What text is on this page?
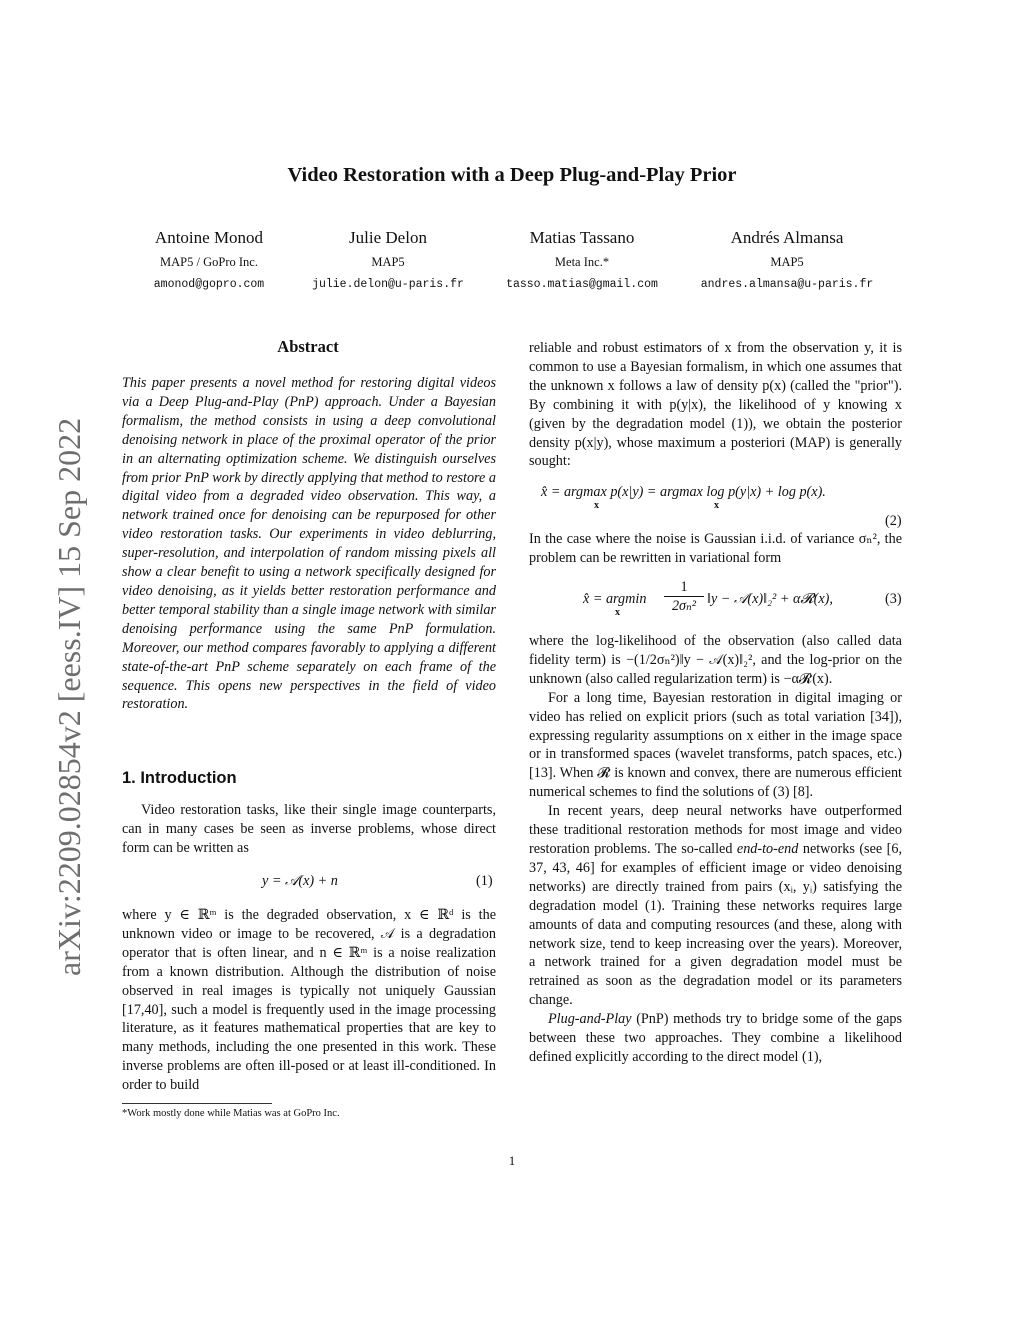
arXiv:2209.02854v2 [eess.IV] 15 Sep 2022
Video Restoration with a Deep Plug-and-Play Prior
Antoine Monod
MAP5 / GoPro Inc.
amonod@gopro.com
Julie Delon
MAP5
julie.delon@u-paris.fr
Matias Tassano
Meta Inc.*
tasso.matias@gmail.com
Andrés Almansa
MAP5
andres.almansa@u-paris.fr
Abstract
This paper presents a novel method for restoring digital videos via a Deep Plug-and-Play (PnP) approach. Under a Bayesian formalism, the method consists in using a deep convolutional denoising network in place of the proximal operator of the prior in an alternating optimization scheme. We distinguish ourselves from prior PnP work by directly applying that method to restore a digital video from a degraded video observation. This way, a network trained once for denoising can be repurposed for other video restoration tasks. Our experiments in video deblurring, super-resolution, and interpolation of random missing pixels all show a clear benefit to using a network specifically designed for video denoising, as it yields better restoration performance and better temporal stability than a single image network with similar denoising performance using the same PnP formulation. Moreover, our method compares favorably to applying a different state-of-the-art PnP scheme separately on each frame of the sequence. This opens new perspectives in the field of video restoration.
1. Introduction

Video restoration tasks, like their single image counterparts, can in many cases be seen as inverse problems, whose direct form can be written as

y = 𝒜(x) + n	(1)

where y ∈ ℝᵐ is the degraded observation, x ∈ ℝᵈ is the unknown video or image to be recovered, 𝒜 is a degradation operator that is often linear, and n ∈ ℝᵐ is a noise realization from a known distribution. Although the distribution of noise observed in real images is typically not uniquely Gaussian [17,40], such a model is frequently used in the image processing literature, as it features mathematical properties that are key to many methods, including the one presented in this work. These inverse problems are often ill-posed or at least ill-conditioned. In order to build

*Work mostly done while Matias was at GoPro Inc.

reliable and robust estimators of x from the observation y, it is common to use a Bayesian formalism, in which one assumes that the unknown x follows a law of density p(x) (called the "prior"). By combining it with p(y|x), the likelihood of y knowing x (given by the degradation model (1)), we obtain the posterior density p(x|y), whose maximum a posteriori (MAP) is generally sought:

x̂ = argmax p(x|y) = argmax log p(y|x) + log p(x).
x	x
(2)

In the case where the noise is Gaussian i.i.d. of variance σₙ², the problem can be rewritten in variational form

x̂ = argmin
x	$\frac{1}{\text{2σₙ²}}$ ‖y − 𝒜(x)‖₂² + α𝓡(x),	(3)

where the log-likelihood of the observation (also called data fidelity term) is −(1/2σₙ²)‖y − 𝒜(x)‖₂², and the log-prior on the unknown (also called regularization term) is −α𝓡(x).

For a long time, Bayesian restoration in digital imaging or video has relied on explicit priors (such as total variation [34]), expressing regularity assumptions on x either in the image space or in transformed spaces (wavelet transforms, patch spaces, etc.) [13]. When 𝓡 is known and convex, there are numerous efficient numerical schemes to find the solutions of (3) [8].

In recent years, deep neural networks have outperformed these traditional restoration methods for most image and video restoration problems. The so-called end-to-end networks (see [6, 37, 43, 46] for examples of efficient image or video denoising networks) are directly trained from pairs (xᵢ, yᵢ) satisfying the degradation model (1). Training these networks requires large amounts of data and computing resources (and these, along with network size, tend to keep increasing over the years). Moreover, a network trained for a given degradation model must be retrained as soon as the degradation model or its parameters change.

Plug-and-Play (PnP) methods try to bridge some of the gaps between these two approaches. They combine a likelihood defined explicitly according to the direct model (1),

1
